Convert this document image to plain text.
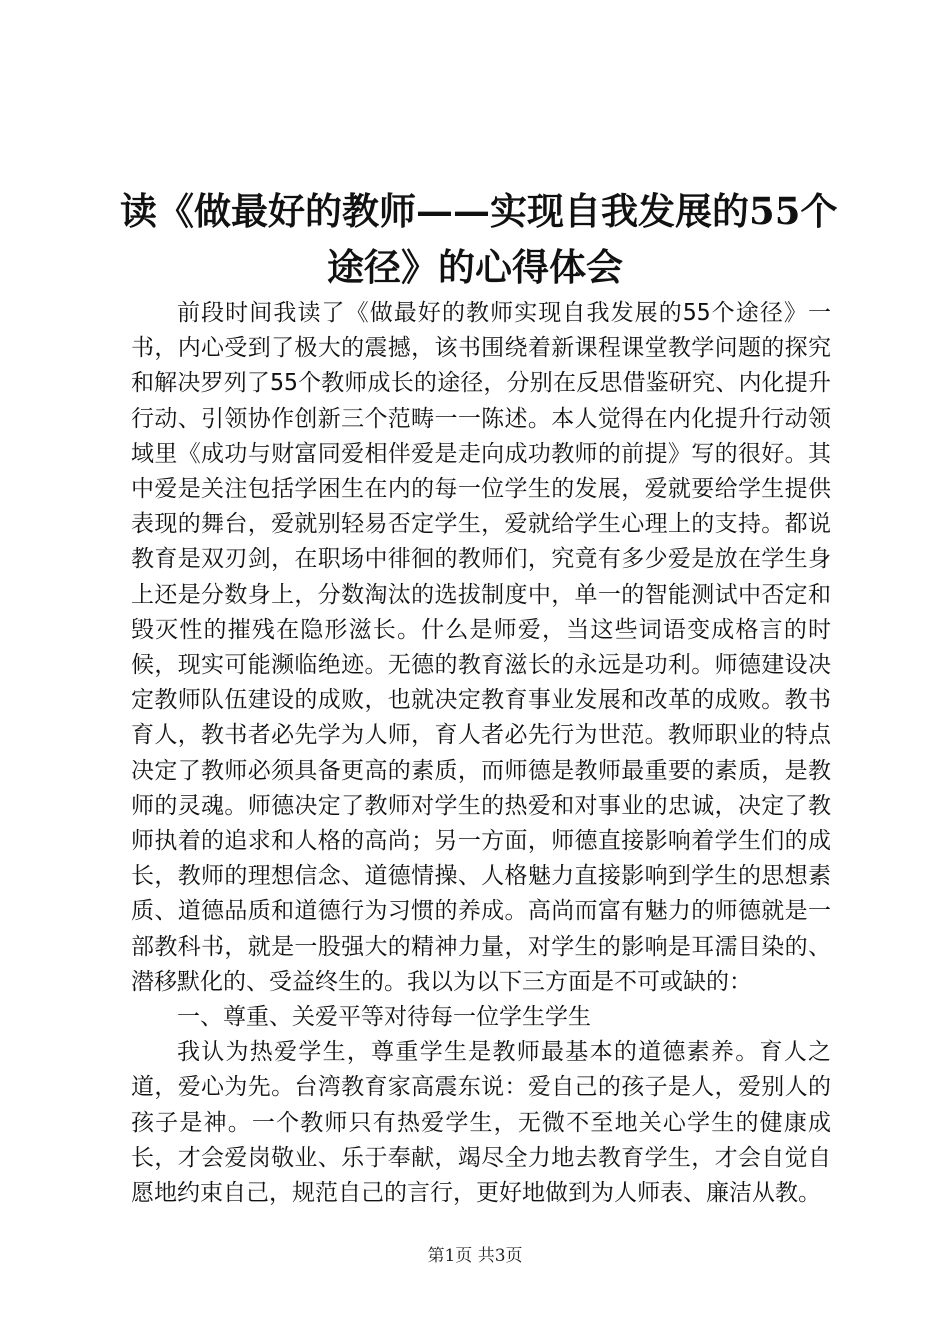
读《做最好的教师——实现自我发展的55个
途径》的心得体会

前段时间我读了《做最好的教师实现自我发展的55个途径》一书，内心受到了极大的震撼，该书围绕着新课程课堂教学问题的探究和解决罗列了55个教师成长的途径，分别在反思借鉴研究、内化提升行动、引领协作创新三个范畴一一陈述。本人觉得在内化提升行动领域里《成功与财富同爱相伴爱是走向成功教师的前提》写的很好。其中爱是关注包括学困生在内的每一位学生的发展，爱就要给学生提供表现的舞台，爱就别轻易否定学生，爱就给学生心理上的支持。都说教育是双刃剑，在职场中徘徊的教师们，究竟有多少爱是放在学生身上还是分数身上，分数淘汰的选拔制度中，单一的智能测试中否定和毁灭性的摧残在隐形滋长。什么是师爱，当这些词语变成格言的时候，现实可能濒临绝迹。无德的教育滋长的永远是功利。师德建设决定教师队伍建设的成败，也就决定教育事业发展和改革的成败。教书育人，教书者必先学为人师，育人者必先行为世范。教师职业的特点决定了教师必须具备更高的素质，而师德是教师最重要的素质，是教师的灵魂。师德决定了教师对学生的热爱和对事业的忠诚，决定了教师执着的追求和人格的高尚；另一方面，师德直接影响着学生们的成长，教师的理想信念、道德情操、人格魅力直接影响到学生的思想素质、道德品质和道德行为习惯的养成。高尚而富有魅力的师德就是一部教科书，就是一股强大的精神力量，对学生的影响是耳濡目染的、潜移默化的、受益终生的。我以为以下三方面是不可或缺的：

一、尊重、关爱平等对待每一位学生学生

我认为热爱学生，尊重学生是教师最基本的道德素养。育人之道，爱心为先。台湾教育家高震东说：爱自己的孩子是人，爱别人的孩子是神。一个教师只有热爱学生，无微不至地关心学生的健康成长，才会爱岗敬业、乐于奉献，竭尽全力地去教育学生，才会自觉自愿地约束自己，规范自己的言行，更好地做到为人师表、廉洁从教。

第1页 共3页
